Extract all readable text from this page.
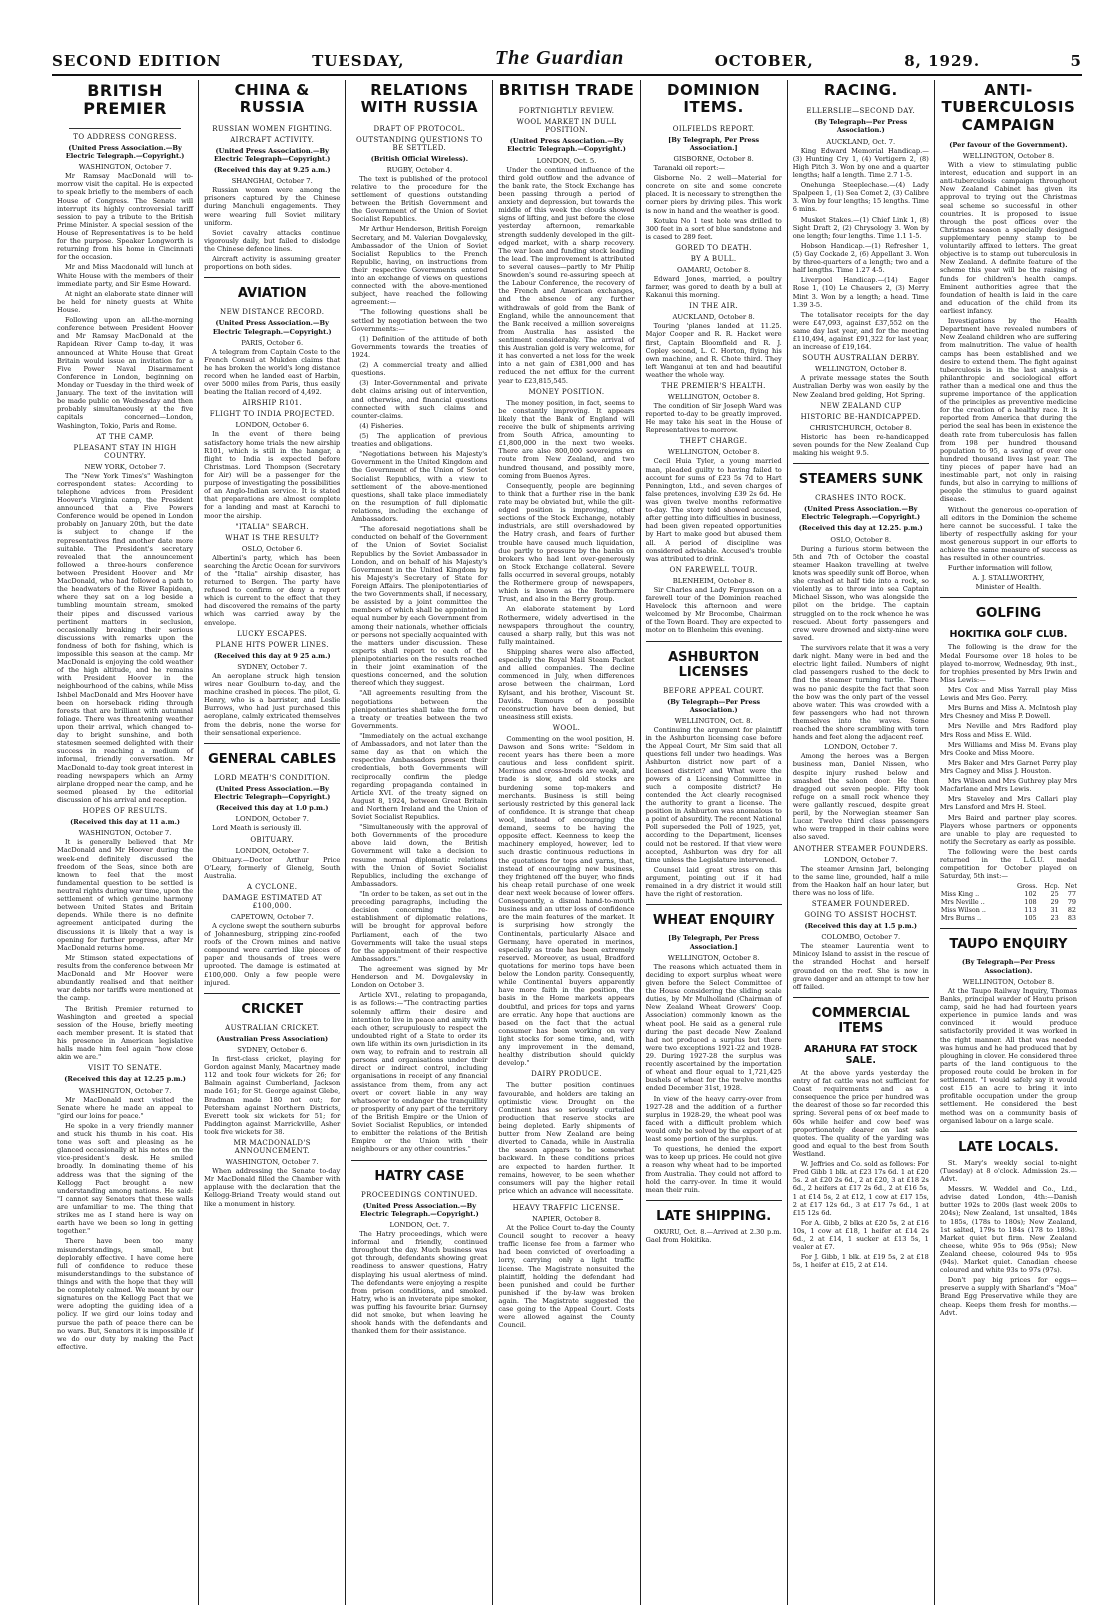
SECOND EDITION	TUESDAY,	The Guardian	OCTOBER,	8, 1929.	5
BRITISH PREMIER
TO ADDRESS CONGRESS.
(United Press Association.—By Electric Telegraph.—Copyright.)
WASHINGTON, October 7.

Mr Ramsay MacDonald will to-morrow visit the capital. He is expected to speak briefly to the members of each House of Congress. The Senate will interrupt its highly controversial tariff session to pay a tribute to the British Prime Minister. A special session of the House of Representatives is to be held for the purpose. Speaker Longworth is returning from his home in Cincinnati for the occasion.

Mr and Miss Macdonald will lunch at White House with the members of their immediate party, and Sir Esme Howard.

At night an elaborate state dinner will be held for ninety guests at White House.

Following upon an all-the-morning conference between President Hoover and Mr Ramsay MacDonald at the Rapidean River Camp to-day, it was announced at White House that Great Britain would issue an invitation for a Five Power Naval Disarmament Conference in London, beginning on Monday or Tuesday in the third week of January. The text of the invitation will be made public on Wednesday and then probably simultaneously at the five capitals concerned—London, Washington, Tokio, Paris and Rome.

AT THE CAMP.
PLEASANT STAY IN HIGH COUNTRY.
NEW YORK, October 7.

The "New York Times's" Washington correspondent states: According to telephone advices from President Hoover's Virginia camp, the President announced that a Five Powers Conference would be opened in London probably on January 20th, but the date is subject to change if the representatives find another date more suitable. The President's secretary revealed that the announcement followed a three-hours conference between President Hoover and Mr MacDonald, who had followed a path to the headwaters of the River Rapidean, where they sat on a log beside a tumbling mountain stream, smoked their pipes and discussed various pertinent matters in seclusion, occasionally breaking their serious discussions with remarks upon the fondness of both for fishing, which is impossible this season at the camp. Mr MacDonald is enjoying the cold weather of the high altitude, and he remains with President Hoover in the neighbourhood of the cabins, while Miss Ishbel MacDonald and Mrs Hoover have been on horseback riding through forests that are brilliant with autumnal foliage. There was threatening weather upon their arrival, which changed to-day to bright sunshine, and both statesmen seemed delighted with their success in reaching a medium of informal, friendly conversation. Mr MacDonald to-day took great interest in reading newspapers which an Army airplane dropped near the camp, and he seemed pleased by the editorial discussion of his arrival and reception.

HOPES OF RESULTS.
(Received this day at 11 a.m.)
WASHINGTON, October 7.

It is generally believed that Mr MacDonald and Mr Hoover during the week-end definitely discussed the freedom of the Seas, since both are known to feel that the most fundamental question to be settled is neutral rights during war time, upon the settlement of which genuine harmony between United States and Britain depends. While there is no definite agreement anticipated during the discussions it is likely that a way is opening for further progress, after Mr MacDonald returns home.

Mr Stimson stated expectations of results from the conference between Mr MacDonald and Mr Hoover were abundantly realised and that neither war debts nor tariffs were mentioned at the camp.

The British Premier returned to Washington and greeted a special session of the House, briefly meeting each member present. It is stated that his presence in American legislative halls made him feel again "how close akin we are."

VISIT TO SENATE.
(Received this day at 12.25 p.m.)
WASHINGTON, October 7.

Mr MacDonald next visited the Senate where he made an appeal to "gird our loins for peace."

He spoke in a very friendly manner and stuck his thumb in his coat. His tone was soft and pleasing as he glanced occasionally at his notes on the vice-president's desk. He smiled broadly. In dominating theme of his address was that the signing of the Kellogg Pact brought a new understanding among nations. He said: "I cannot say Senators that these walls are unfamiliar to me. The thing that strikes me as I stand here is way on earth have we been so long in getting together."

There have been too many misunderstandings, small, but deplorably effective. I have come here full of confidence to reduce these misunderstandings to the substance of things and with the hope that they will be completely calmed. We meant by our signatures on the Kellogg Pact that we were adopting the guiding idea of a policy. If we gird our loins today and pursue the path of peace there can be no wars. But, Senators it is impossible if we do our duty by making the Pact effective.

CHINA & RUSSIA
RUSSIAN WOMEN FIGHTING.
AIRCRAFT ACTIVITY.
(United Press Association.—By Electric Telegraph—Copyright.)
(Received this day at 9.25 a.m.)
SHANGHAI, October 7.

Russian women were among the prisoners captured by the Chinese during Manchuli engagements. They were wearing full Soviet military uniform.

Soviet cavalry attacks continue vigorously daily, but failed to dislodge the Chinese defence lines.

Aircraft activity is assuming greater proportions on both sides.

AVIATION
NEW DISTANCE RECORD.
(United Press Association.—By Electric Telegraph.—Copyright.)
PARIS, October 6.

A telegram from Captain Coste to the French Consul at Mukden claims that he has broken the world's long distance record when he landed east of Harbin, over 5000 miles from Paris, thus easily beating the Italian record of 4,492.

AIRSHIP R101.
FLIGHT TO INDIA PROJECTED.
LONDON, October 6.

In the event of there being satisfactory home trials the new airship R101, which is still in the hangar, a flight to India is expected before Christmas. Lord Thompson (Secretary for Air) will be a passenger for the purpose of investigating the possibilities of an Anglo-Indian service. It is stated that preparations are almost complete for a landing and mast at Karachi to moor the airship.

"ITALIA" SEARCH.
WHAT IS THE RESULT?
OSLO, October 6.

Albertini's party, which has been searching the Arctic Ocean for survivors of the "Italia" airship disaster, has returned to Bergen. The party have refused to confirm or deny a report which is current to the effect that they had discovered the remains of the party which was carried away by the envelope.

LUCKY ESCAPES.
PLANE HITS POWER LINES.
(Received this day at 9 25 a.m.)
SYDNEY, October 7.

An aeroplane struck high tension wires near Goulburn to-day, and the machine crashed in pieces. The pilot, G. Henry, who is a barrister, and Leslie Burrows, who had just purchased this aeroplane, calmly extricated themselves from the debris, none the worse for their sensational experience.

GENERAL CABLES
LORD MEATH'S CONDITION.
(United Press Association.—By Electric Telegraph—Copyright.)
(Received this day at 1.0 p.m.)
LONDON, October 7.

Lord Meath is seriously ill.

OBITUARY.
LONDON, October 7.

Obituary.—Doctor Arthur Price O'Leary, formerly of Glenelg, South Australia.

A CYCLONE.
DAMAGE ESTIMATED AT £100,000.
CAPETOWN, October 7.

A cyclone swept the southern suburbs of Johannesburg, stripping zinc-roofed roofs of the Crown mines and native compound were carried like pieces of paper and thousands of trees were uprooted. The damage is estimated at £100,000. Only a few people were injured.

CRICKET
AUSTRALIAN CRICKET.
(Australian Press Association)
SYDNEY, October 6.

In first-class cricket, playing for Gordon against Manly, Macartney made 112 and took four wickets for 26; for Balmain against Cumberland, Jackson made 161; for St. George against Glebe, Bradman made 180 not out; for Petersham against Northern Districts, Everett took six wickets for 51; for Paddington against Marrickville, Asher took five wickets for 38.

MR MACDONALD'S ANNOUNCEMENT.
WASHINGTON, October 7.

When addressing the Senate to-day Mr MacDonald filled the Chamber with applause with the declaration that the Kellogg-Briand Treaty would stand out like a monument in history.

RELATIONS WITH RUSSIA
DRAFT OF PROTOCOL.
OUTSTANDING QUESTIONS TO BE SETTLED.
(British Official Wireless).
RUGBY, October 4.

The text is published of the protocol relative to the procedure for the settlement of questions outstanding between the British Government and the Government of the Union of Soviet Socialist Republics.

Mr Arthur Henderson, British Foreign Secretary, and M. Valerian Dovgalevsky, Ambassador of the Union of Soviet Socialist Republics to the French Republic, having, on instructions from their respective Governments entered into an exchange of views on questions connected with the above-mentioned subject, have reached the following agreement:—

"The following questions shall be settled by negotiation between the two Governments:—

(1) Definition of the attitude of both Governments towards the treaties of 1924.

(2) A commercial treaty and allied questions.

(3) Inter-Governmental and private debt claims arising out of intervention, and otherwise, and financial questions connected with such claims and counter-claims.

(4) Fisheries.

(5) The application of previous treaties and obligations.

"Negotiations between his Majesty's Government in the United Kingdom and the Government of the Union of Soviet Socialist Republics, with a view to settlement of the above-mentioned questions, shall take place immediately on the resumption of full diplomatic relations, including the exchange of Ambassadors.

"The aforesaid negotiations shall be conducted on behalf of the Government of the Union of Soviet Socialist Republics by the Soviet Ambassador in London, and on behalf of his Majesty's Government in the United Kingdom by his Majesty's Secretary of State for Foreign Affairs. The plenipotentiaries of the two Governments shall, if necessary, be assisted by a joint committee the members of which shall be appointed in equal number by each Government from among their nationals, whether officials or persons not specially acquainted with the matters under discussion. These experts shall report to each of the plenipotentiaries on the results reached in their joint examination of the questions concerned, and the solution thereof which they suggest.

"All agreements resulting from the negotiations between the plenipotentiaries shall take the form of a treaty or treaties between the two Governments.

"Immediately on the actual exchange of Ambassadors, and not later than the same day as that on which the respective Ambassadors present their credentials, both Governments will reciprocally confirm the pledge regarding propaganda contained in Article XVI. of the treaty signed on August 8, 1924, between Great Britain and Northern Ireland and the Union of Soviet Socialist Republics.

"Simultaneously with the approval of both Governments of the procedure above laid down, the British Government will take a decision to resume normal diplomatic relations with the Union of Soviet Socialist Republics, including the exchange of Ambassadors.

"In order to be taken, as set out in the preceding paragraphs, including the decision concerning the re-establishment of diplomatic relations, will be brought for approval before Parliament, each of the two Governments will take the usual steps for the appointment of their respective Ambassadors."

The agreement was signed by Mr Henderson and M. Dovgalevsky in London on October 3.

Article XVI., relating to propaganda, is as follows:—"The contracting parties solemnly affirm their desire and intention to live in peace and amity with each other, scrupulously to respect the undoubted right of a State to order its own life within its own jurisdiction in its own way, to refrain and to restrain all persons and organisations under their direct or indirect control, including organisations in receipt of any financial assistance from them, from any act overt or covert liable in any way whatsoever to endanger the tranquillity or prosperity of any part of the territory of the British Empire or the Union of Soviet Socialist Republics, or intended to embitter the relations of the British Empire or the Union with their neighbours or any other countries."

HATRY CASE
PROCEEDINGS CONTINUED.
(United Press Association.—By Electric Telegraph.—Copyright.)
LONDON, Oct. 7.

The Hatry proceedings, which were informal and friendly, continued throughout the day. Much business was got through, defendants showing great readiness to answer questions, Hatry displaying his usual alertness of mind. The defendants were enjoying a respite from prison conditions, and smoked. Hatry, who is an inveterate pipe smoker, was puffing his favourite briar. Gurnsey did not smoke, but when leaving he shook hands with the defendants and thanked them for their assistance.

BRITISH TRADE
FORTNIGHTLY REVIEW.
WOOL MARKET IN DULL POSITION.
(United Press Association.—By Electric Telegraph.—Copyright.)
LONDON, Oct. 5.

Under the continued influence of the third gold outflow and the advance of the bank rate, the Stock Exchange has been passing through a period of anxiety and depression, but towards the middle of this week the clouds showed signs of lifting, and just before the close yesterday afternoon, remarkable strength suddenly developed in the gilt-edged market, with a sharp recovery. The war loan and funding stock leading the lead. The improvement is attributed to several causes—partly to Mr Philip Snowden's sound re-assuring speech at the Labour Conference, the recovery of the French and American exchanges, and the absence of any further withdrawals of gold from the Bank of England, while the announcement that the Bank received a million sovereigns from Australia has assisted the sentiment considerably. The arrival of this Australian gold is very welcome, for it has converted a net loss for the week into a net gain of £381,000 and has reduced the net efflux for the current year to £23,815,545.

MONEY POSITION.

The money position, in fact, seems to be constantly improving. It appears likely that the Bank of England will receive the bulk of shipments arriving from South Africa, amounting to £1,800,000 in the next two weeks. There are also 800,000 sovereigns en route from New Zealand, and two hundred thousand, and possibly more, coming from Buenos Ayres.

Consequently, people are beginning to think that a further rise in the bank rate may be obviated but, while the gilt-edged position is improving, other sections of the Stock Exchange, notably industrials, are still overshadowed by the Hatry crash, and fears of further trouble have caused much liquidation, due partly to pressure by the banks on brokers who had lent over-generously on Stock Exchange collateral. Severe falls occurred in several groups, notably the Rothermere group of newspapers, which is known as the Rothermere Trust, and also in the Berry group.

An elaborate statement by Lord Rothermere, widely advertised in the newspapers throughout the country, caused a sharp rally, but this was not fully maintained.

Shipping shares were also affected, especially the Royal Mail Steam Packet and allied companies. The decline commenced in July, when differences arose between the chairman, Lord Kylsant, and his brother, Viscount St. Davids. Rumours of a possible reconstruction have been denied, but uneasiness still exists.

WOOL.

Commenting on the wool position, H. Dawson and Sons write: "Seldom in recent years has there been a more cautious and less confident spirit. Merinos and cross-breds are weak, and trade is slow, and old stocks are burdening some top-makers and merchants. Business is still being seriously restricted by this general lack of confidence. It is strange that cheap wool, instead of encouraging the demand, seems to be having the opposite effect. Keenness to keep the machinery employed, however, led to such drastic continuous reductions in the quotations for tops and yarns, that, instead of encouraging new business, they frightened off the buyer, who finds his cheap retail purchase of one week dear next week because of lower offers. Consequently, a dismal hand-to-mouth business and an utter loss of confidence are the main features of the market. It is surprising how strongly the Continentals, particularly Alsace and Germany, have operated in merinos, especially as trade has been extremely reserved. Moreover, as usual, Bradford quotations for merino tops have been below the London parity. Consequently, while Continental buyers apparently have more faith in the position, the basis in the Home markets appears doubtful, and prices for tops and yarns are erratic. Any hope that auctions are based on the fact that the actual consumer has been working on very light stocks for some time, and, with any improvement in the demand, healthy distribution should quickly develop."

DAIRY PRODUCE.

The butter position continues favourable, and holders are taking an optimistic view. Drought on the Continent has so seriously curtailed production that reserve stocks are being depleted. Early shipments of butter from New Zealand are being diverted to Canada, while in Australia the season appears to be somewhat backward. In these conditions prices are expected to harden further. It remains, however, to be seen whether consumers will pay the higher retail price which an advance will necessitate.

HEAVY TRAFFIC LICENSE.
NAPIER, October 8.

At the Police Court to-day the County Council sought to recover a heavy traffic license fee from a farmer who had been convicted of overloading a lorry, carrying only a light traffic license. The Magistrate nonsuited the plaintiff, holding the defendant had been punished and could be further punished if the by-law was broken again. The Magistrate suggested the case going to the Appeal Court. Costs were allowed against the County Council.

DOMINION ITEMS.
OILFIELDS REPORT.
[By Telegraph, Per Press Association.]
GISBORNE, October 8.

Taranaki oil report:—

Gisborne No. 2 well—Material for concrete on site and some concrete placed. It is necessary to strengthen the corner piers by driving piles. This work is now in hand and the weather is good.

Kotuku No 1 test hole was drilled to 300 feet in a sort of blue sandstone and is cased to 289 feet.

GORED TO DEATH.
BY A BULL.
OAMARU, October 8.

Edward Jones, married, a poultry farmer, was gored to death by a bull at Kakanui this morning.

IN THE AIR.
AUCKLAND, October 8.

Touring 'planes landed at 11.25. Major Cooper and R. R. Hacket were first, Captain Bloomfield and R. J. Copley second, L. C. Horton, flying his own machine, and R. Chote third. They left Wanganui at ten and had beautiful weather the whole way.

THE PREMIER'S HEALTH.
WELLINGTON, October 8.

The condition of Sir Joseph Ward was reported to-day to be greatly improved. He may take his seat in the House of Representatives to-morrow.

THEFT CHARGE.
WELLINGTON, October 8.

Cecil Huia Tyler, a young married man, pleaded guilty to having failed to account for sums of £23 5s 7d to Hart Pennington, Ltd., and seven charges of false pretences, involving £39 2s 6d. He was given twelve months reformative to-day. The story told showed accused, after getting into difficulties in business, had been given repeated opportunities by Hart to make good but abused them all. A period of discipline was considered advisable. Accused's trouble was attributed to drink.

ON FAREWELL TOUR.
BLENHEIM, October 8.

Sir Charles and Lady Fergusson on a farewell tour of the Dominion reached Havelock this afternoon and were welcomed by Mr Brocombe, Chairman of the Town Board. They are expected to motor on to Blenheim this evening.

ASHBURTON LICENSES
BEFORE APPEAL COURT.
(By Telegraph—Per Press Association.)
WELLINGTON, Oct. 8.

Continuing the argument for plaintiff in the Ashburton licensing case before the Appeal Court, Mr Sim said that all questions fell under two headings. Was Ashburton district now part of a licensed district? and What were the powers of a Licensing Committee in such a composite district? He contended the Act clearly recognised the authority to grant a license. The position in Ashburton was anomalous to a point of absurdity. The recent National Poll superseded the Poll of 1925, yet, according to the Department, licenses could not be restored. If that view were accepted, Ashburton was dry for all time unless the Legislature intervened.

Counsel laid great stress on this argument, pointing out if it had remained in a dry district it would still have the right of restoration.

WHEAT ENQUIRY
[By Telegraph, Per Press Association.]
WELLINGTON, October 8.

The reasons which actuated them in deciding to export surplus wheat were given before the Select Committee of the House considering the sliding scale duties, by Mr Mulholland (Chairman of New Zealand Wheat Growers' Coop. Association) commonly known as the wheat pool. He said as a general rule during the past decade New Zealand had not produced a surplus but there were two exceptions 1921-22 and 1928-29. During 1927-28 the surplus was recently ascertained by the importation of wheat and flour equal to 1,721,425 bushels of wheat for the twelve months ended December 31st, 1928.

In view of the heavy carry-over from 1927-28 and the addition of a further surplus in 1928-29, the wheat pool was faced with a difficult problem which would only be solved by the export of at least some portion of the surplus.

To questions, he denied the export was to keep up prices. He could not give a reason why wheat had to be imported from Australia. They could not afford to hold the carry-over. In time it would mean their ruin.

LATE SHIPPING.

OKURU, Oct. 8.—Arrived at 2.30 p.m. Gael from Hokitika.

RACING.
ELLERSLIE—SECOND DAY.
(By Telegraph—Per Press Association.)
AUCKLAND, Oct. 7.

King Edward Memorial Handicap.—(3) Hunting Cry 1, (4) Vertigern 2, (8) High Pitch 3. Won by one and a quarter lengths; half a length. Time 2.7 1-5.

Onehunga Steeplechase.—(4) Lady Spalpeen 1, (1) Sea Comet 2, (3) Calibre 3. Won by four lengths; 15 lengths. Time 6 mins.

Musket Stakes.—(1) Chief Link 1, (8) Sight Draft 2, (2) Chrysology 3. Won by one length; four lengths. Time 1.1 1-5.

Hobson Handicap.—(1) Refresher 1, (5) Gay Cockade 2, (6) Appellant 3. Won by three-quarters of a length; two and a half lengths. Time 1.27 4-5.

Liverpool Handicap.—(14) Eager Rose 1, (10) Le Chausers 2, (3) Merry Mint 3. Won by a length; a head. Time 1.39 3-5.

The totalisator receipts for the day were £47,093, against £37,552 on the same day last year, and for the meeting £110,494, against £91,322 for last year, an increase of £19,164.

SOUTH AUSTRALIAN DERBY.
WELLINGTON, October 8.

A private message states the South Australian Derby was won easily by the New Zealand bred gelding, Hot Spring.

NEW ZEALAND CUP
HISTORIC BE-HANDICAPPED.
CHRISTCHURCH, October 8.

Historic has been re-handicapped seven pounds for the New Zealand Cup making his weight 9.5.

STEAMERS SUNK
CRASHES INTO ROCK.
(United Press Association.—By Electric Telegraph.—Copyright.)
(Received this day at 12.25. p.m.)
OSLO, October 8.

During a furious storm between the 5th and 7th of October the coastal steamer Haakon travelling at twelve knots was speedily sunk off Boroe, when she crashed at half tide into a rock, so violently as to throw into sea Captain Michael Sisson, who was alongside the pilot on the bridge. The captain struggled on to the rock whence he was rescued. About forty passengers and crew were drowned and sixty-nine were saved.

The survivors relate that it was a very dark night. Many were in bed and the electric light failed. Numbers of night clad passengers rushed to the deck to find the steamer turning turtle. There was no panic despite the fact that soon the bow was the only part of the vessel above water. This was crowded with a few passengers who had not thrown themselves into the waves. Some reached the shore scrambling with torn hands and feet along the adjacent reef.

LONDON, October 7.

Among the heroes was a Bergen business man, Daniel Nissen, who despite injury rushed below and smashed the saloon door. He then dragged out seven people. Fifty took refuge on a small rock whence they were gallantly rescued, despite great peril, by the Norwegian steamer San Lucar. Twelve third class passengers who were trapped in their cabins were also saved.

ANOTHER STEAMER FOUNDERS.
LONDON, October 7.

The steamer Arnsinn Jarl, belonging to the same line, grounded, half a mile from the Haakon half an hour later, but there was no loss of life.

STEAMER FOUNDERED.
GOING TO ASSIST HOCHST.
(Received this day at 1.5 p.m.)
COLOMBO, October 7.

The steamer Laurentia went to Minicoy Island to assist in the rescue of the stranded Hochst and herself grounded on the reef. She is now in grave danger and an attempt to tow her off failed.

COMMERCIAL ITEMS
ARAHURA FAT STOCK SALE.

At the above yards yesterday the entry of fat cattle was not sufficient for Coast requirements and as a consequence the price per hundred was the dearest of those so far recorded this spring. Several pens of ox beef made to 60s while heifer and cow beef was proportionately dearer on last sale quotes. The quality of the yarding was good and equal to the best from South Westland.

W. Jeffries and Co. sold as follows: For Fred Gibb 1 blk. at £23 17s 6d. 1 at £20 5s. 2 at £20 2s 6d., 2 at £20, 3 at £18 2s 6d., 2 heifers at £17 2s 6d., 2 at £16 5s, 1 at £14 5s, 2 at £12, 1 cow at £17 15s, 2 at £17 12s 6d., 3 at £17 7s 6d., 1 at £15 12s 6d.

For A. Gibb, 2 blks at £20 5s, 2 at £16 10s, 1 cow at £18, 1 heifer at £14 2s 6d., 2 at £14, 1 sucker at £13 5s, 1 vealer at £7.

For J. Gibb, 1 blk. at £19 5s, 2 at £18 5s, 1 heifer at £15, 2 at £14.

ANTI-TUBERCULOSIS CAMPAIGN
(Per favour of the Government).
WELLINGTON, October 8.

With a view to stimulating public interest, education and support in an anti-tuberculosis campaign throughout New Zealand Cabinet has given its approval to trying out the Christmas seal scheme so successful in other countries. It is proposed to issue through the post offices over the Christmas season a specially designed supplementary penny stamp to be voluntarily affixed to letters. The great objective is to stamp out tuberculosis in New Zealand. A definite feature of the scheme this year will be the raising of funds for children's health camps. Eminent authorities agree that the foundation of health is laid in the care and education of the child from its earliest infancy.

Investigations by the Health Department have revealed numbers of New Zealand children who are suffering from malnutrition. The value of health camps has been established and we desire to extend them. The fight against tuberculosis is in the last analysis a philanthropic and sociological effort rather than a medical one and thus the supreme importance of the application of the principles as preventive medicine for the creation of a healthy race. It is reported from America that during the period the seal has been in existence the death rate from tuberculosis has fallen from 198 per hundred thousand population to 95, a saving of over one hundred thousand lives last year. The tiny pieces of paper have had an inestimable part, not only in raising funds, but also in carrying to millions of people the stimulus to guard against disease.

Without the generous co-operation of all editors in the Dominion the scheme here cannot be successful. I take the liberty of respectfully asking for your most generous support in our efforts to achieve the same measure of success as has resulted in other countries.

Further information will follow,

A. J. STALLWORTHY,
Minister of Health.
GOLFING
HOKITIKA GOLF CLUB.

The following is the draw for the Medal Foursome over 18 holes to be played to-morrow, Wednesday, 9th inst., for trophies presented by Mrs Irwin and Miss Lewis:—

Mrs Cox and Miss Yarrall play Miss Lewis and Mrs Geo. Perry.

Mrs Burns and Miss A. McIntosh play Mrs Chesney and Miss P. Dowell.

Mrs Neville and Mrs Radford play Mrs Ross and Miss E. Wild.

Mrs Williams and Miss M. Evans play Mrs Cooke and Miss Moore.

Mrs Baker and Mrs Garnet Perry play Mrs Cagney and Miss J. Houston.

Mrs Wilson and Mrs Guthrey play Mrs Macfarlane and Mrs Lewis.

Mrs Staveley and Mrs Callari play Mrs Lansford and Mrs H. Steel.

Mrs Baird and partner play scores. Players whose partners or opponents are unable to play are requested to notify the Secretary as early as possible.

The following were the best cards returned in the L.G.U. medal competition for October played on Saturday, 5th inst:—

	Gross.	Hcp.	Net
Miss King ..	102	25	77
Mrs Neville ..	108	29	79
Miss Wilson ..	113	31	82
Mrs Burns ..	105	23	83
TAUPO ENQUIRY
(By Telegraph—Per Press Association).
WELLINGTON, October 8.

At the Taupo Railway Inquiry, Thomas Banks, principal warder of Hautu prison camp, said he had had fourteen years experience in pumice lands and was convinced it would produce satisfactorily provided it was worked in the right manner. All that was needed was humus and he had produced that by ploughing in clover. He considered three parts of the land contiguous to the proposed route could be broken in for settlement. "I would safely say it would cost £15 an acre to bring it into profitable occupation under the group settlement. He considered the best method was on a community basis of organised labour on a large scale.

LATE LOCALS.

St. Mary's weekly social to-night (Tuesday) at 8 o'clock. Admission 2s.—Advt.

Messrs. W. Weddel and Co., Ltd., advise dated London, 4th:—Danish butter 192s to 200s (last week 200s to 204s); New Zealand, 1st unsalted, 184s to 185s, (178s to 180s); New Zealand, 1st salted, 179s to 184s (178 to 189s). Market quiet but firm. New Zealand cheese, white 95s to 96s (95s); New Zealand cheese, coloured 94s to 95s (94s). Market quiet. Canadian cheese coloured and white 93s to 97s (97s).

Don't pay big prices for eggs—preserve a supply with Sharland's "Moa" Brand Egg Preservative while they are cheap. Keeps them fresh for months.—Advt.
